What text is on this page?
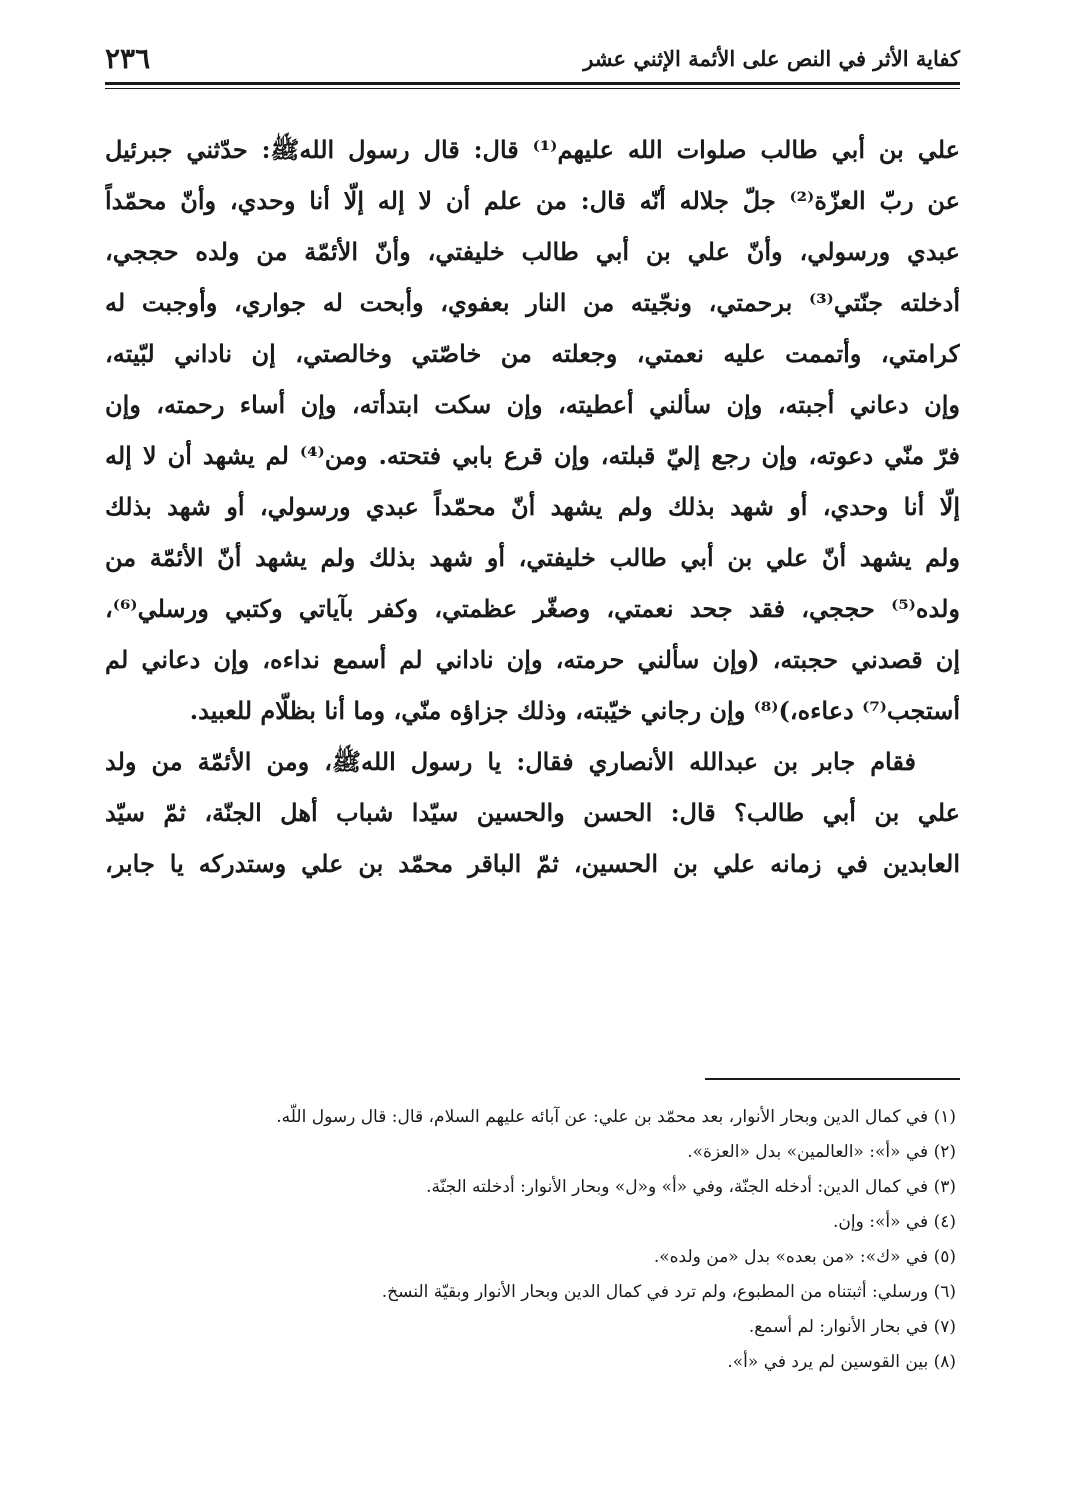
كفاية الأثر في النص على الأئمة الإثني عشر
٢٣٦
علي بن أبي طالب صلوات الله عليهم⁽¹⁾ قال: قال رسول اللهﷺ: حدّثني جبرئيل
عن ربّ العزّة⁽²⁾ جلّ جلاله أنّه قال: من علم أن لا إله إلّا أنا وحدي، وأنّ محمّداً
عبدي ورسولي، وأنّ علي بن أبي طالب خليفتي، وأنّ الأئمّة من ولده حججي،
أدخلته جنّتي⁽³⁾ برحمتي، ونجّيته من النار بعفوي، وأبحت له جواري، وأوجبت له
كرامتي، وأتممت عليه نعمتي، وجعلته من خاصّتي وخالصتي، إن ناداني لبّيته،
وإن دعاني أجبته، وإن سألني أعطيته، وإن سكت ابتدأته، وإن أساء رحمته، وإن
فرّ منّي دعوته، وإن رجع إليّ قبلته، وإن قرع بابي فتحته. ومن⁽⁴⁾ لم يشهد أن لا إله
إلّا أنا وحدي، أو شهد بذلك ولم يشهد أنّ محمّداً عبدي ورسولي، أو شهد بذلك
ولم يشهد أنّ علي بن أبي طالب خليفتي، أو شهد بذلك ولم يشهد أنّ الأئمّة من
ولده⁽⁵⁾ حججي، فقد جحد نعمتي، وصغّر عظمتي، وكفر بآياتي وكتبي ورسلي⁽⁶⁾،
إن قصدني حجبته، (وإن سألني حرمته، وإن ناداني لم أسمع نداءه، وإن دعاني لم
أستجب⁽⁷⁾ دعاءه،)⁽⁸⁾ وإن رجاني خيّبته، وذلك جزاؤه منّي، وما أنا بظلّام للعبيد.
فقام جابر بن عبدالله الأنصاري فقال: يا رسول اللهﷺ، ومن الأئمّة من ولد
علي بن أبي طالب؟ قال: الحسن والحسين سيّدا شباب أهل الجنّة، ثمّ سيّد
العابدين في زمانه علي بن الحسين، ثمّ الباقر محمّد بن علي وستدركه يا جابر،
(١) في كمال الدين وبحار الأنوار، بعد محمّد بن علي: عن آبائه عليهم السلام، قال: قال رسول اللّه.
(٢) في «أ»: «العالمين» بدل «العزة».
(٣) في كمال الدين: أدخله الجنّة، وفي «أ» و«ل» وبحار الأنوار: أدخلته الجنّة.
(٤) في «أ»: وإن.
(٥) في «ك»: «من بعده» بدل «من ولده».
(٦) ورسلي: أثبتناه من المطبوع، ولم ترد في كمال الدين وبحار الأنوار وبقيّة النسخ.
(٧) في بحار الأنوار: لم أسمع.
(٨) بين القوسين لم يرد في «أ».
